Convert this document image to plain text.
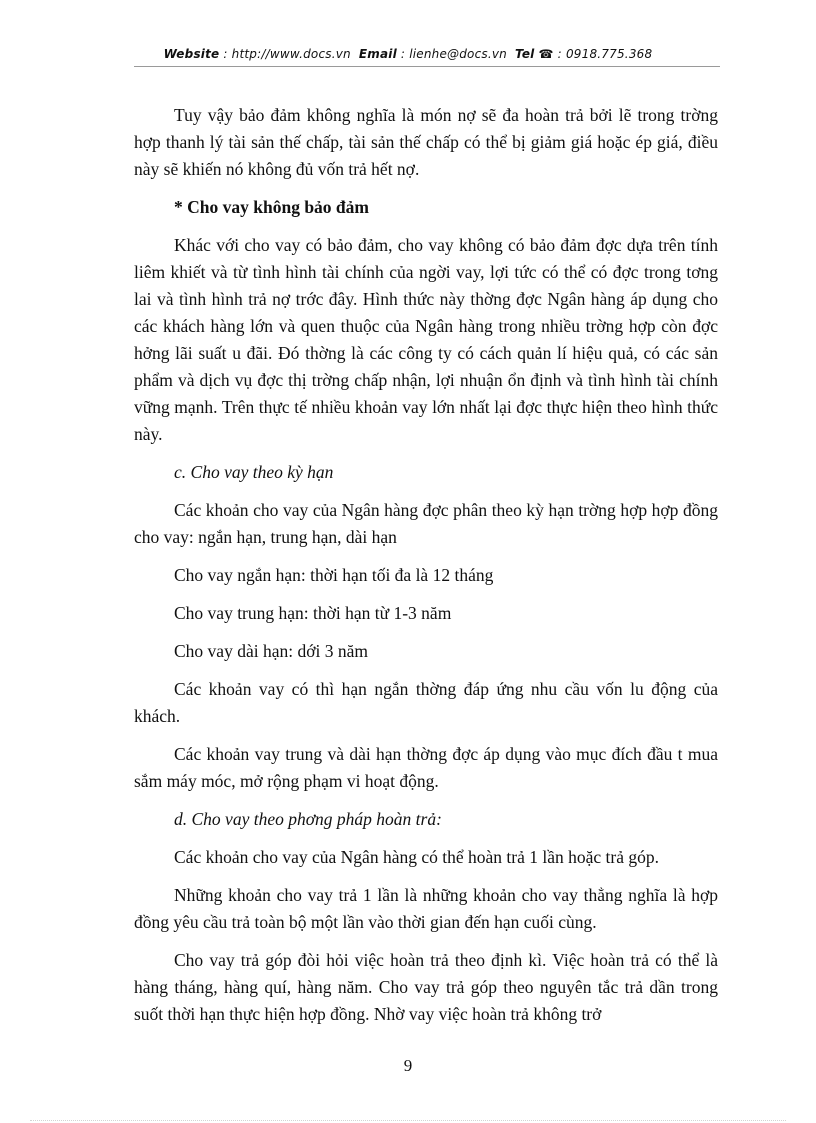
Website : http://www.docs.vn Email : lienhe@docs.vn Tel ☎ : 0918.775.368

Tuy vậy bảo đảm không nghĩa là món nợ sẽ đa hoàn trả bởi lẽ trong trờng hợp thanh lý tài sản thế chấp, tài sản thế chấp có thể bị giảm giá hoặc ép giá, điều này sẽ khiến nó không đủ vốn trả hết nợ.

* Cho vay không bảo đảm

Khác với cho vay có bảo đảm, cho vay không có bảo đảm đợc dựa trên tính liêm khiết và từ tình hình tài chính của ngời vay, lợi tức có thể có đợc trong tơng lai và tình hình trả nợ trớc đây. Hình thức này thờng đợc Ngân hàng áp dụng cho các khách hàng lớn và quen thuộc của Ngân hàng trong nhiều trờng hợp còn đợc hởng lãi suất u đãi. Đó thờng là các công ty có cách quản lí hiệu quả, có các sản phẩm và dịch vụ đợc thị trờng chấp nhận, lợi nhuận ổn định và tình hình tài chính vững mạnh. Trên thực tế nhiều khoản vay lớn nhất lại đợc thực hiện theo hình thức này.

c. Cho vay theo kỳ hạn

Các khoản cho vay của Ngân hàng đợc phân theo kỳ hạn trờng hợp hợp đồng cho vay: ngắn hạn, trung hạn, dài hạn

Cho vay ngắn hạn: thời hạn tối đa là 12 tháng

Cho vay trung hạn: thời hạn từ 1-3 năm

Cho vay dài hạn: dới 3 năm

Các khoản vay có thì hạn ngắn thờng đáp ứng nhu cầu vốn lu động của khách.

Các khoản vay trung và dài hạn thờng đợc áp dụng vào mục đích đầu t mua sắm máy móc, mở rộng phạm vi hoạt động.

d. Cho vay theo phơng pháp hoàn trả:

Các khoản cho vay của Ngân hàng có thể hoàn trả 1 lần hoặc trả góp.

Những khoản cho vay trả 1 lần là những khoản cho vay thẳng nghĩa là hợp đồng yêu cầu trả toàn bộ một lần vào thời gian đến hạn cuối cùng.

Cho vay trả góp đòi hỏi việc hoàn trả theo định kì. Việc hoàn trả có thể là hàng tháng, hàng quí, hàng năm. Cho vay trả góp theo nguyên tắc trả dần trong suốt thời hạn thực hiện hợp đồng. Nhờ vay việc hoàn trả không trở

9
